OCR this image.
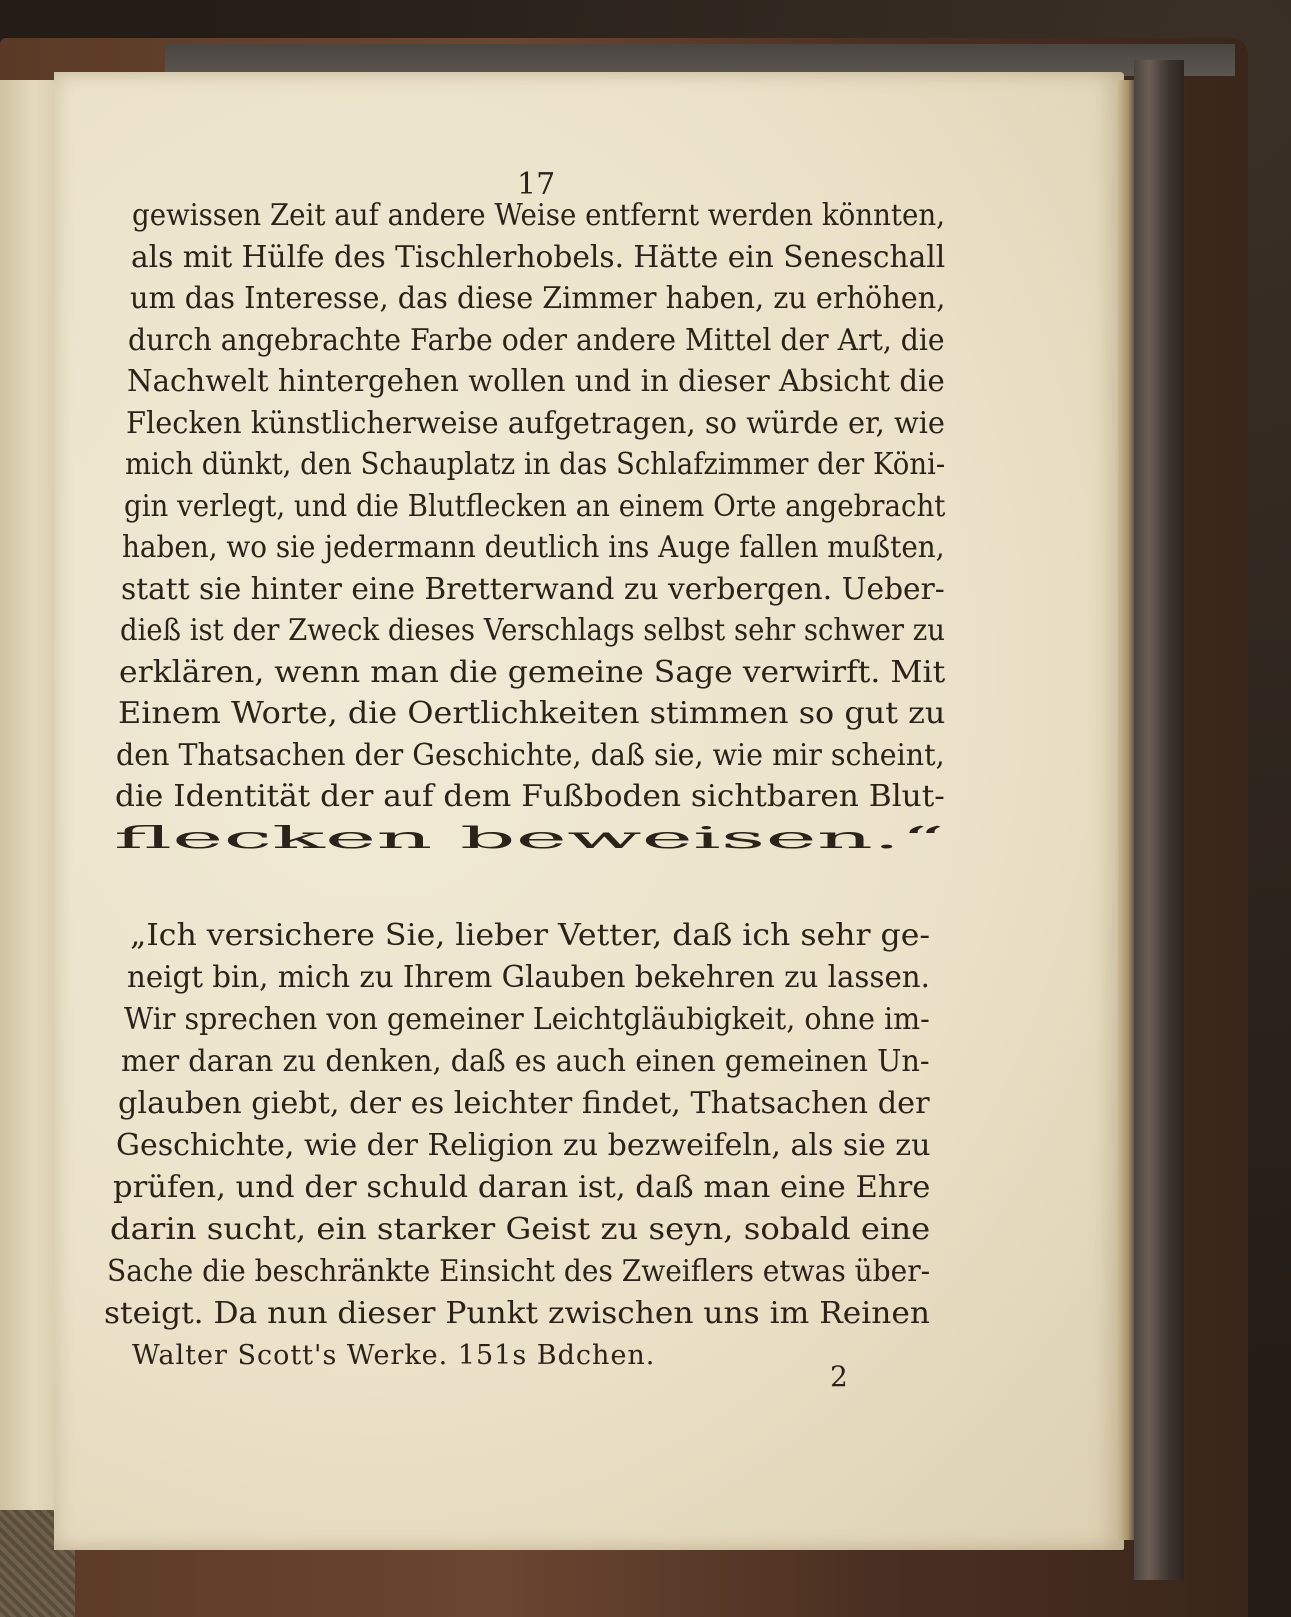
17
gewissen Zeit auf andere Weise entfernt werden könnten,
als mit Hülfe des Tischlerhobels. Hätte ein Seneschall
um das Interesse, das diese Zimmer haben, zu erhöhen,
durch angebrachte Farbe oder andere Mittel der Art, die
Nachwelt hintergehen wollen und in dieser Absicht die
Flecken künstlicherweise aufgetragen, so würde er, wie
mich dünkt, den Schauplatz in das Schlafzimmer der Köni-
gin verlegt, und die Blutflecken an einem Orte angebracht
haben, wo sie jedermann deutlich ins Auge fallen mußten,
statt sie hinter eine Bretterwand zu verbergen. Ueber-
dieß ist der Zweck dieses Verschlags selbst sehr schwer zu
erklären, wenn man die gemeine Sage verwirft. Mit
Einem Worte, die Oertlichkeiten stimmen so gut zu
den Thatsachen der Geschichte, daß sie, wie mir scheint,
die Identität der auf dem Fußboden sichtbaren Blut-
flecken beweisen.“
„Ich versichere Sie, lieber Vetter, daß ich sehr ge-
neigt bin, mich zu Ihrem Glauben bekehren zu lassen.
Wir sprechen von gemeiner Leichtgläubigkeit, ohne im-
mer daran zu denken, daß es auch einen gemeinen Un-
glauben giebt, der es leichter findet, Thatsachen der
Geschichte, wie der Religion zu bezweifeln, als sie zu
prüfen, und der schuld daran ist, daß man eine Ehre
darin sucht, ein starker Geist zu seyn, sobald eine
Sache die beschränkte Einsicht des Zweiflers etwas über-
steigt. Da nun dieser Punkt zwischen uns im Reinen
Walter Scott's Werke. 151s Bdchen.
2
